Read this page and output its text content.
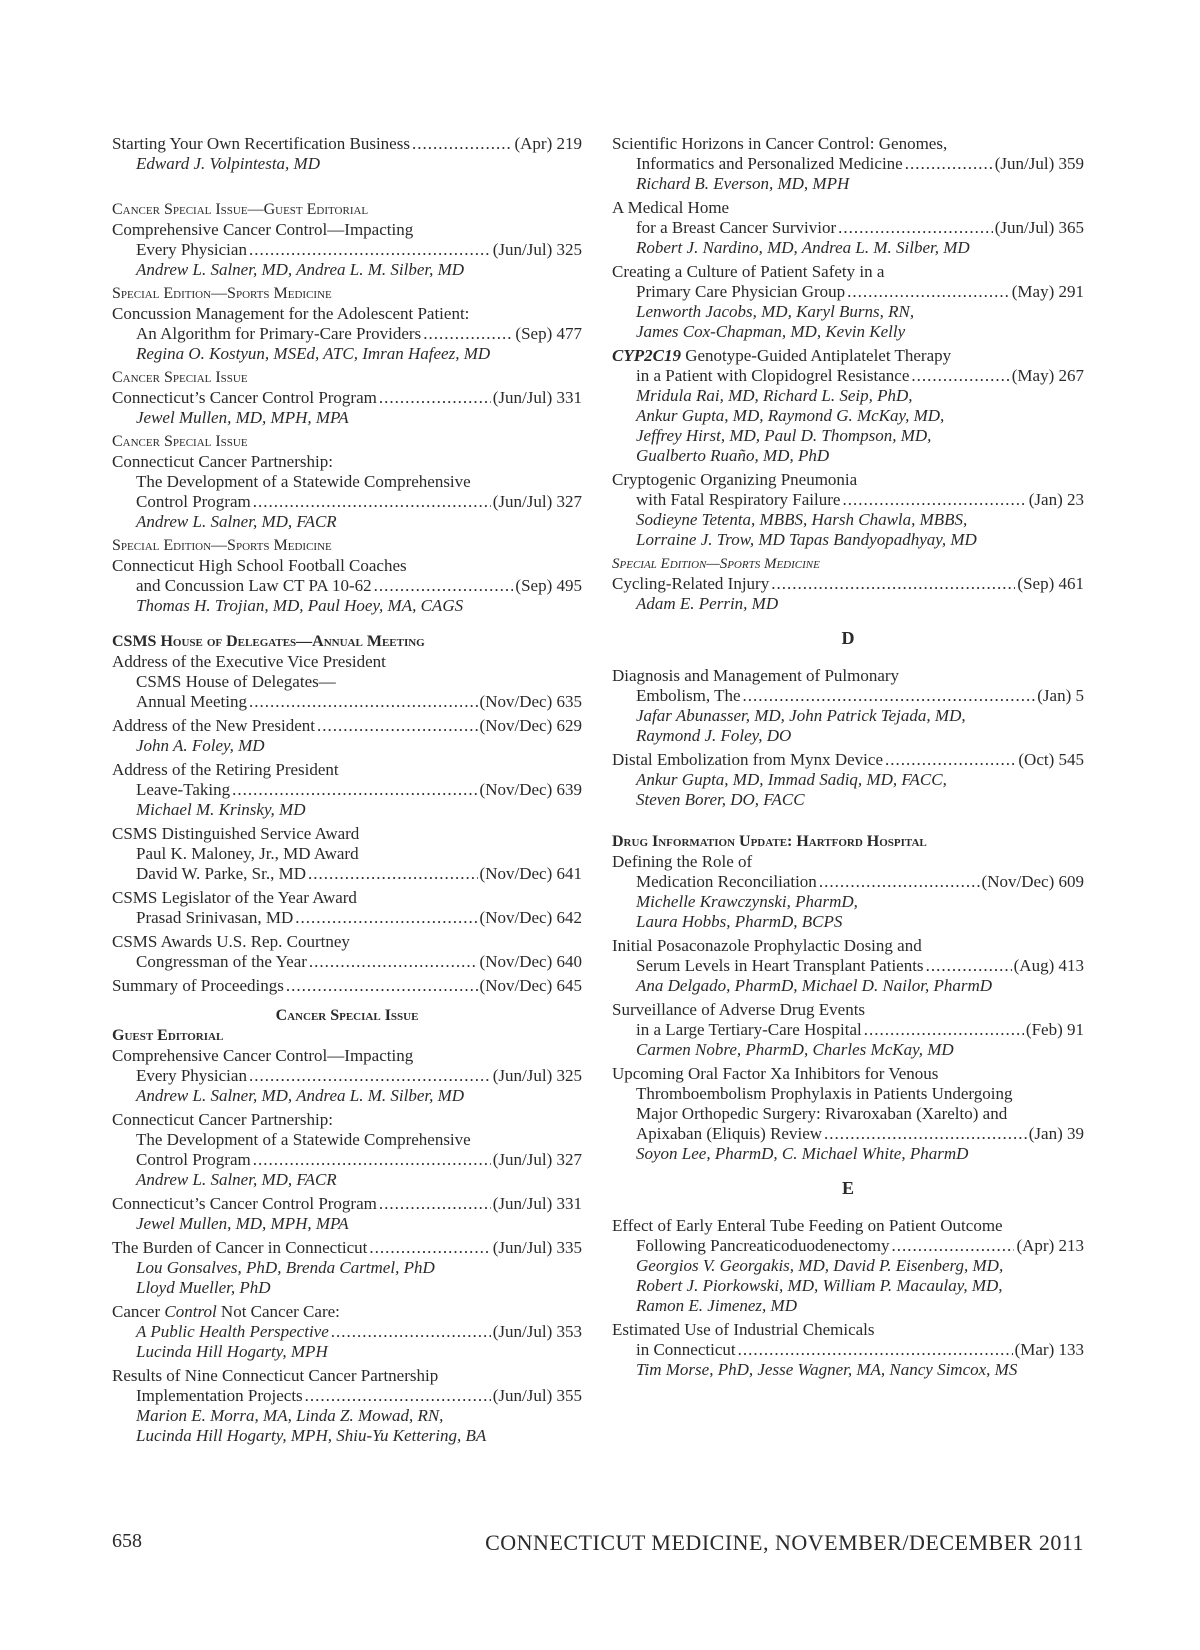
Starting Your Own Recertification Business .....	(Apr) 219
Edward J. Volpintesta, MD
Cancer Special Issue—Guest Editorial
Comprehensive Cancer Control—Impacting
Every Physician .....	(Jun/Jul) 325
Andrew L. Salner, MD, Andrea L. M. Silber, MD
Special Edition—Sports Medicine
Concussion Management for the Adolescent Patient:
An Algorithm for Primary-Care Providers .....	(Sep) 477
Regina O. Kostyun, MSEd, ATC, Imran Hafeez, MD
Cancer Special Issue
Connecticut’s Cancer Control Program .....	(Jun/Jul) 331
Jewel Mullen, MD, MPH, MPA
Cancer Special Issue
Connecticut Cancer Partnership:
The Development of a Statewide Comprehensive
Control Program .....	(Jun/Jul) 327
Andrew L. Salner, MD, FACR
Special Edition—Sports Medicine
Connecticut High School Football Coaches
and Concussion Law CT PA 10-62 .....	(Sep) 495
Thomas H. Trojian, MD, Paul Hoey, MA, CAGS
CSMS House of Delegates—Annual Meeting
Address of the Executive Vice President
CSMS House of Delegates—
Annual Meeting .....	(Nov/Dec) 635
Address of the New President .....	(Nov/Dec) 629
John A. Foley, MD
Address of the Retiring President
Leave-Taking .....	(Nov/Dec) 639
Michael M. Krinsky, MD
CSMS Distinguished Service Award
Paul K. Maloney, Jr., MD Award
David W. Parke, Sr., MD .....	(Nov/Dec) 641
CSMS Legislator of the Year Award
Prasad Srinivasan, MD .....	(Nov/Dec) 642
CSMS Awards U.S. Rep. Courtney
Congressman of the Year .....	(Nov/Dec) 640
Summary of Proceedings .....	(Nov/Dec) 645
Cancer Special Issue
Guest Editorial
Comprehensive Cancer Control—Impacting
Every Physician .....	(Jun/Jul) 325
Andrew L. Salner, MD, Andrea L. M. Silber, MD
Connecticut Cancer Partnership:
The Development of a Statewide Comprehensive
Control Program .....	(Jun/Jul) 327
Andrew L. Salner, MD, FACR
Connecticut’s Cancer Control Program .....	(Jun/Jul) 331
Jewel Mullen, MD, MPH, MPA
The Burden of Cancer in Connecticut .....	(Jun/Jul) 335
Lou Gonsalves, PhD, Brenda Cartmel, PhD
Lloyd Mueller, PhD
Cancer Control Not Cancer Care:
A Public Health Perspective .....	(Jun/Jul) 353
Lucinda Hill Hogarty, MPH
Results of Nine Connecticut Cancer Partnership
Implementation Projects .....	(Jun/Jul) 355
Marion E. Morra, MA, Linda Z. Mowad, RN,
Lucinda Hill Hogarty, MPH, Shiu-Yu Kettering, BA
Scientific Horizons in Cancer Control: Genomes,
Informatics and Personalized Medicine .....	(Jun/Jul) 359
Richard B. Everson, MD, MPH
A Medical Home
for a Breast Cancer Survivior .....	(Jun/Jul) 365
Robert J. Nardino, MD, Andrea L. M. Silber, MD
Creating a Culture of Patient Safety in a
Primary Care Physician Group .....	(May) 291
Lenworth Jacobs, MD, Karyl Burns, RN,
James Cox-Chapman, MD, Kevin Kelly
CYP2C19 Genotype-Guided Antiplatelet Therapy
in a Patient with Clopidogrel Resistance .....	(May) 267
Mridula Rai, MD, Richard L. Seip, PhD,
Ankur Gupta, MD, Raymond G. McKay, MD,
Jeffrey Hirst, MD, Paul D. Thompson, MD,
Gualberto Ruaño, MD, PhD
Cryptogenic Organizing Pneumonia
with Fatal Respiratory Failure .....	(Jan) 23
Sodieyne Tetenta, MBBS, Harsh Chawla, MBBS,
Lorraine J. Trow, MD Tapas Bandyopadhyay, MD
Special Edition—Sports Medicine
Cycling-Related Injury .....	(Sep) 461
Adam E. Perrin, MD
D
Diagnosis and Management of Pulmonary
Embolism, The .....	(Jan) 5
Jafar Abunasser, MD, John Patrick Tejada, MD,
Raymond J. Foley, DO
Distal Embolization from Mynx Device .....	(Oct) 545
Ankur Gupta, MD, Immad Sadiq, MD, FACC,
Steven Borer, DO, FACC
Drug Information Update: Hartford Hospital
Defining the Role of
Medication Reconciliation .....	(Nov/Dec) 609
Michelle Krawczynski, PharmD,
Laura Hobbs, PharmD, BCPS
Initial Posaconazole Prophylactic Dosing and
Serum Levels in Heart Transplant Patients .....	(Aug) 413
Ana Delgado, PharmD, Michael D. Nailor, PharmD
Surveillance of Adverse Drug Events
in a Large Tertiary-Care Hospital .....	(Feb) 91
Carmen Nobre, PharmD, Charles McKay, MD
Upcoming Oral Factor Xa Inhibitors for Venous
Thromboembolism Prophylaxis in Patients Undergoing
Major Orthopedic Surgery: Rivaroxaban (Xarelto) and
Apixaban (Eliquis) Review .....	(Jan) 39
Soyon Lee, PharmD, C. Michael White, PharmD
E
Effect of Early Enteral Tube Feeding on Patient Outcome
Following Pancreaticoduodenectomy .....	(Apr) 213
Georgios V. Georgakis, MD, David P. Eisenberg, MD,
Robert J. Piorkowski, MD, William P. Macaulay, MD,
Ramon E. Jimenez, MD
Estimated Use of Industrial Chemicals
in Connecticut .....	(Mar) 133
Tim Morse, PhD, Jesse Wagner, MA, Nancy Simcox, MS
658	CONNECTICUT MEDICINE, NOVEMBER/DECEMBER 2011
